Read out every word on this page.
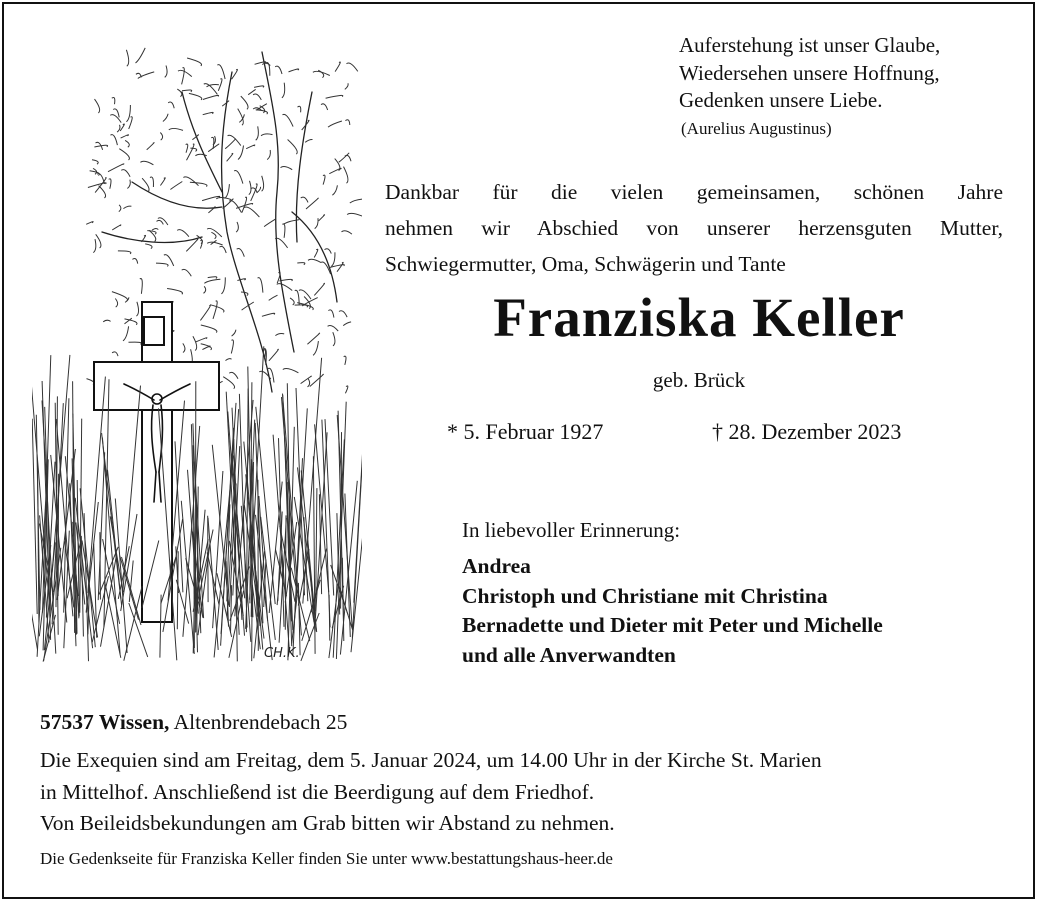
CH.K.
Auferstehung ist unser Glaube,
Wiedersehen unsere Hoffnung,
Gedenken unsere Liebe.
(Aurelius Augustinus)
Dankbar für die vielen gemeinsamen, schönen Jahre
nehmen wir Abschied von unserer herzensguten Mutter,
Schwiegermutter, Oma, Schwägerin und Tante
Franziska Keller
geb. Brück
* 5. Februar 1927	† 28. Dezember 2023
In liebevoller Erinnerung:
Andrea
Christoph und Christiane mit Christina
Bernadette und Dieter mit Peter und Michelle
und alle Anverwandten
57537 Wissen, Altenbrendebach 25
Die Exequien sind am Freitag, dem 5. Januar 2024, um 14.00 Uhr in der Kirche St. Marien
in Mittelhof. Anschließend ist die Beerdigung auf dem Friedhof.
Von Beileidsbekundungen am Grab bitten wir Abstand zu nehmen.
Die Gedenkseite für Franziska Keller finden Sie unter www.bestattungshaus-heer.de
